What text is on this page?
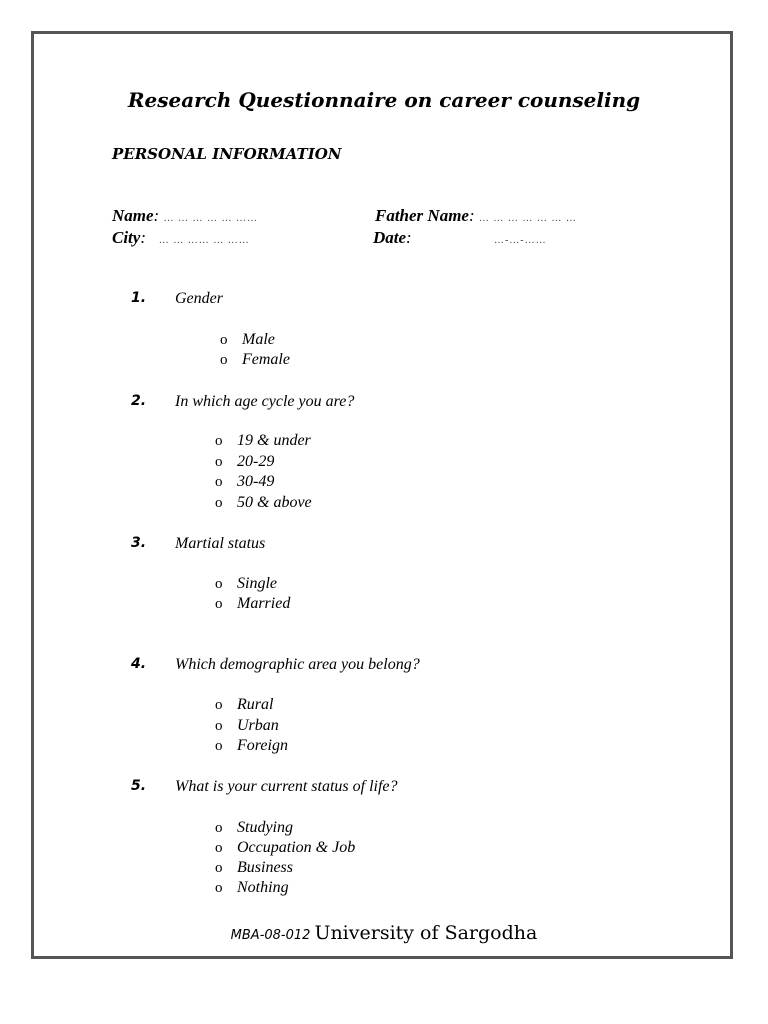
Research Questionnaire on career counseling
PERSONAL INFORMATION
Name: … … … … … ……	Father Name: … … … … … … …
City: … … …… … ……	Date:	…-…-……
1. Gender
o Male
o Female
2. In which age cycle you are?
o 19 & under
o 20-29
o 30-49
o 50 & above
3. Martial status
o Single
o Married
4. Which demographic area you belong?
o Rural
o Urban
o Foreign
5. What is your current status of life?
o Studying
o Occupation & Job
o Business
o Nothing
MBA-08-012 University of Sargodha
